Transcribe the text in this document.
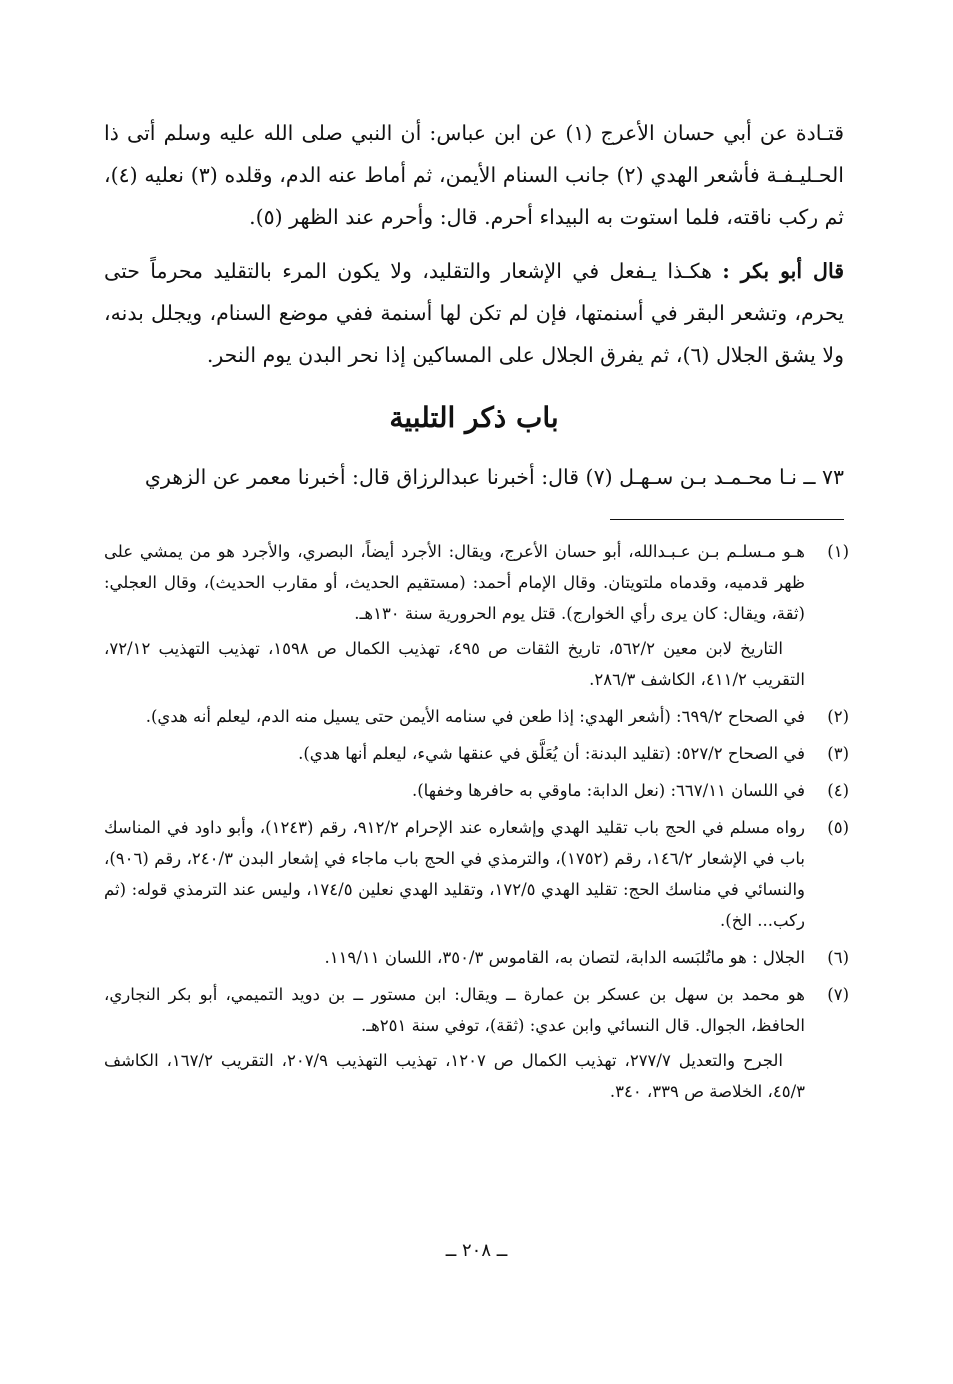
قتـادة عن أبي حسان الأعرج (١) عن ابن عباس: أن النبي صلى الله عليه وسلم أتى ذا الحـليـفـة فأشعر الهدي (٢) جانب السنام الأيمن، ثم أماط عنه الدم، وقلده (٣) نعليه (٤)، ثم ركب ناقته، فلما استوت به البيداء أحرم. قال: وأحرم عند الظهر (٥).

قال أبو بكر : هكـذا يـفعل في الإشعار والتقليد، ولا يكون المرء بالتقليد محرماً حتى يحرم، وتشعر البقر في أسنمتها، فإن لم تكن لها أسنمة ففي موضع السنام، ويجلل بدنه، ولا يشق الجلال (٦)، ثم يفرق الجلال على المساكين إذا نحر البدن يوم النحر.

باب ذكر التلبية

٧٣ ــ نـا محـمـد بـن سـهـل (٧) قال: أخبرنا عبدالرزاق قال: أخبرنا معمر عن الزهري

(١)

هـو مـسلـم بـن عـبـدالله، أبو حسان الأعرج، ويقال: الأجرد أيضاً، البصري، والأجرد هو من يمشي على ظهر قدميه، وقدماه ملتويتان. وقال الإمام أحمد: (مستقيم الحديث، أو مقارب الحديث)، وقال العجلي: (ثقة، ويقال: كان يرى رأي الخوارج). قتل يوم الحرورية سنة ١٣٠هـ.

التاريخ لابن معين ٥٦٢/٢، تاريخ الثقات ص ٤٩٥، تهذيب الكمال ص ١٥٩٨، تهذيب التهذيب ٧٢/١٢، التقريب ٤١١/٢، الكاشف ٢٨٦/٣.

(٢)

في الصحاح ٦٩٩/٢: (أشعر الهدي: إذا طعن في سنامه الأيمن حتى يسيل منه الدم، ليعلم أنه هدي).

(٣)

في الصحاح ٥٢٧/٢: (تقليد البدنة: أن يُعَلَّق في عنقها شيء، ليعلم أنها هدي).

(٤)

في اللسان ٦٦٧/١١: (نعل الدابة: ماوقي به حافرها وخفها).

(٥)

رواه مسلم في الحج باب تقليد الهدي وإشعاره عند الإحرام ٩١٢/٢، رقم (١٢٤٣)، وأبو داود في المناسك باب في الإشعار ١٤٦/٢، رقم (١٧٥٢)، والترمذي في الحج باب ماجاء في إشعار البدن ٢٤٠/٣، رقم (٩٠٦)، والنسائي في مناسك الحج: تقليد الهدي ١٧٢/٥، وتقليد الهدي نعلين ١٧٤/٥، وليس عند الترمذي قوله: (ثم ركب... الخ).

(٦)

الجلال : هو ماتُلبَسه الدابة، لتصان به، القاموس ٣٥٠/٣، اللسان ١١٩/١١.

(٧)

هو محمد بن سهل بن عسكر بن عمارة ــ ويقال: ابن مستور ــ بن دويد التميمي، أبو بكر النجاري، الحافظ، الجوال. قال النسائي وابن عدي: (ثقة)، توفي سنة ٢٥١هـ.

الجرح والتعديل ٢٧٧/٧، تهذيب الكمال ص ١٢٠٧، تهذيب التهذيب ٢٠٧/٩، التقريب ١٦٧/٢، الكاشف ٤٥/٣، الخلاصة ص ٣٣٩، ٣٤٠.

ــ ٢٠٨ ــ
